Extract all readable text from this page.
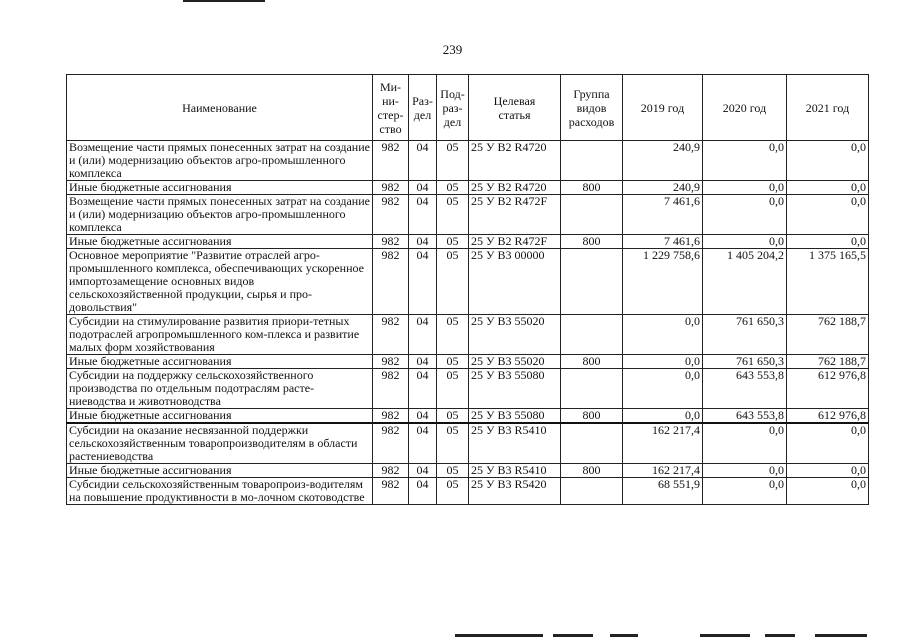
239
Наименование	Ми-
ни-
стер-
ство	Раз-
дел	Под-
раз-
дел	Целевая
статья	Группа
видов
расходов	2019 год	2020 год	2021 год
Возмещение части прямых понесенных затрат на создание и (или) модернизацию объектов агро-промышленного комплекса	982	04	05	25 У В2 R4720		240,9	0,0	0,0
Иные бюджетные ассигнования	982	04	05	25 У В2 R4720	800	240,9	0,0	0,0
Возмещение части прямых понесенных затрат на создание и (или) модернизацию объектов агро-промышленного комплекса	982	04	05	25 У В2 R472F		7 461,6	0,0	0,0
Иные бюджетные ассигнования	982	04	05	25 У В2 R472F	800	7 461,6	0,0	0,0
Основное мероприятие "Развитие отраслей агро-промышленного комплекса, обеспечивающих ускоренное импортозамещение основных видов сельскохозяйственной продукции, сырья и про-довольствия"	982	04	05	25 У В3 00000		1 229 758,6	1 405 204,2	1 375 165,5
Субсидии на стимулирование развития приори-тетных подотраслей агропромышленного ком-плекса и развитие малых форм хозяйствования	982	04	05	25 У В3 55020		0,0	761 650,3	762 188,7
Иные бюджетные ассигнования	982	04	05	25 У В3 55020	800	0,0	761 650,3	762 188,7
Субсидии на поддержку сельскохозяйственного производства по отдельным подотраслям расте-ниеводства и животноводства	982	04	05	25 У В3 55080		0,0	643 553,8	612 976,8
Иные бюджетные ассигнования	982	04	05	25 У В3 55080	800	0,0	643 553,8	612 976,8
Субсидии на оказание несвязанной поддержки сельскохозяйственным товаропроизводителям в области растениеводства	982	04	05	25 У В3 R5410		162 217,4	0,0	0,0
Иные бюджетные ассигнования	982	04	05	25 У В3 R5410	800	162 217,4	0,0	0,0
Субсидии сельскохозяйственным товаропроиз-водителям на повышение продуктивности в мо-лочном скотоводстве	982	04	05	25 У В3 R5420		68 551,9	0,0	0,0
